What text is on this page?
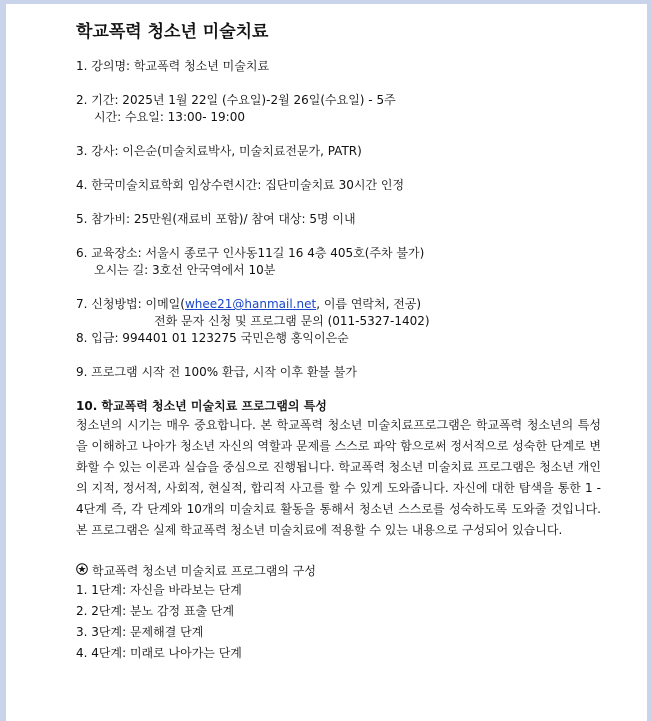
학교폭력 청소년 미술치료
1. 강의명: 학교폭력 청소년 미술치료
2. 기간: 2025년 1월 22일 (수요일)-2월 26일(수요일) - 5주
시간: 수요일: 13:00- 19:00
3. 강사: 이은순(미술치료박사, 미술치료전문가, PATR)
4. 한국미술치료학회 임상수련시간: 집단미술치료 30시간 인정
5. 참가비: 25만원(재료비 포함)/ 참여 대상: 5명 이내
6. 교육장소: 서울시 종로구 인사동11길 16 4층 405호(주차 불가)
오시는 길: 3호선 안국역에서 10분
7. 신청방법: 이메일(whee21@hanmail.net, 이름 연락처, 전공)
전화 문자 신청 및 프로그램 문의 (011-5327-1402)
8. 입금: 994401 01 123275 국민은행 홍익이은순
9. 프로그램 시작 전 100% 환급, 시작 이후 환불 불가
10. 학교폭력 청소년 미술치료 프로그램의 특성

청소년의 시기는 매우 중요합니다. 본 학교폭력 청소년 미술치료프로그램은 학교폭력 청소년의 특성을 이해하고 나아가 청소년 자신의 역할과 문제를 스스로 파악 함으로써 정서적으로 성숙한 단계로 변화할 수 있는 이론과 실습을 중심으로 진행됩니다. 학교폭력 청소년 미술치료 프로그램은 청소년 개인의 지적, 정서적, 사회적, 현실적, 합리적 사고를 할 수 있게 도와줍니다. 자신에 대한 탐색을 통한 1 - 4단계 즉, 각 단계와 10개의 미술치료 활동을 통해서 청소년 스스로를 성숙하도록 도와줄 것입니다. 본 프로그램은 실제 학교폭력 청소년 미술치료에 적용할 수 있는 내용으로 구성되어 있습니다.

학교폭력 청소년 미술치료 프로그램의 구성
1. 1단계: 자신을 바라보는 단계
2. 2단계: 분노 감정 표출 단계
3. 3단계: 문제해결 단계
4. 4단계: 미래로 나아가는 단계
